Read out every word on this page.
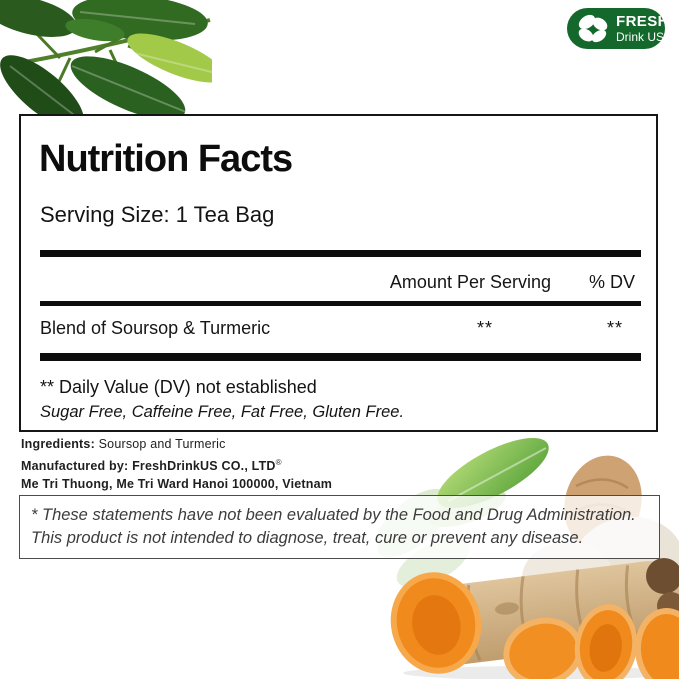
FRESH
Drink US
Nutrition Facts

Serving Size: 1 Tea Bag

Amount Per Serving % DV
Blend of Soursop & Turmeric	**	**

** Daily Value (DV) not established

Sugar Free, Caffeine Free, Fat Free, Gluten Free.

Ingredients: Soursop and Turmeric
Manufactured by: FreshDrinkUS CO., LTD®
Me Tri Thuong, Me Tri Ward Hanoi 100000, Vietnam
* These statements have not been evaluated by the Food and Drug Administration.
This product is not intended to diagnose, treat, cure or prevent any disease.
